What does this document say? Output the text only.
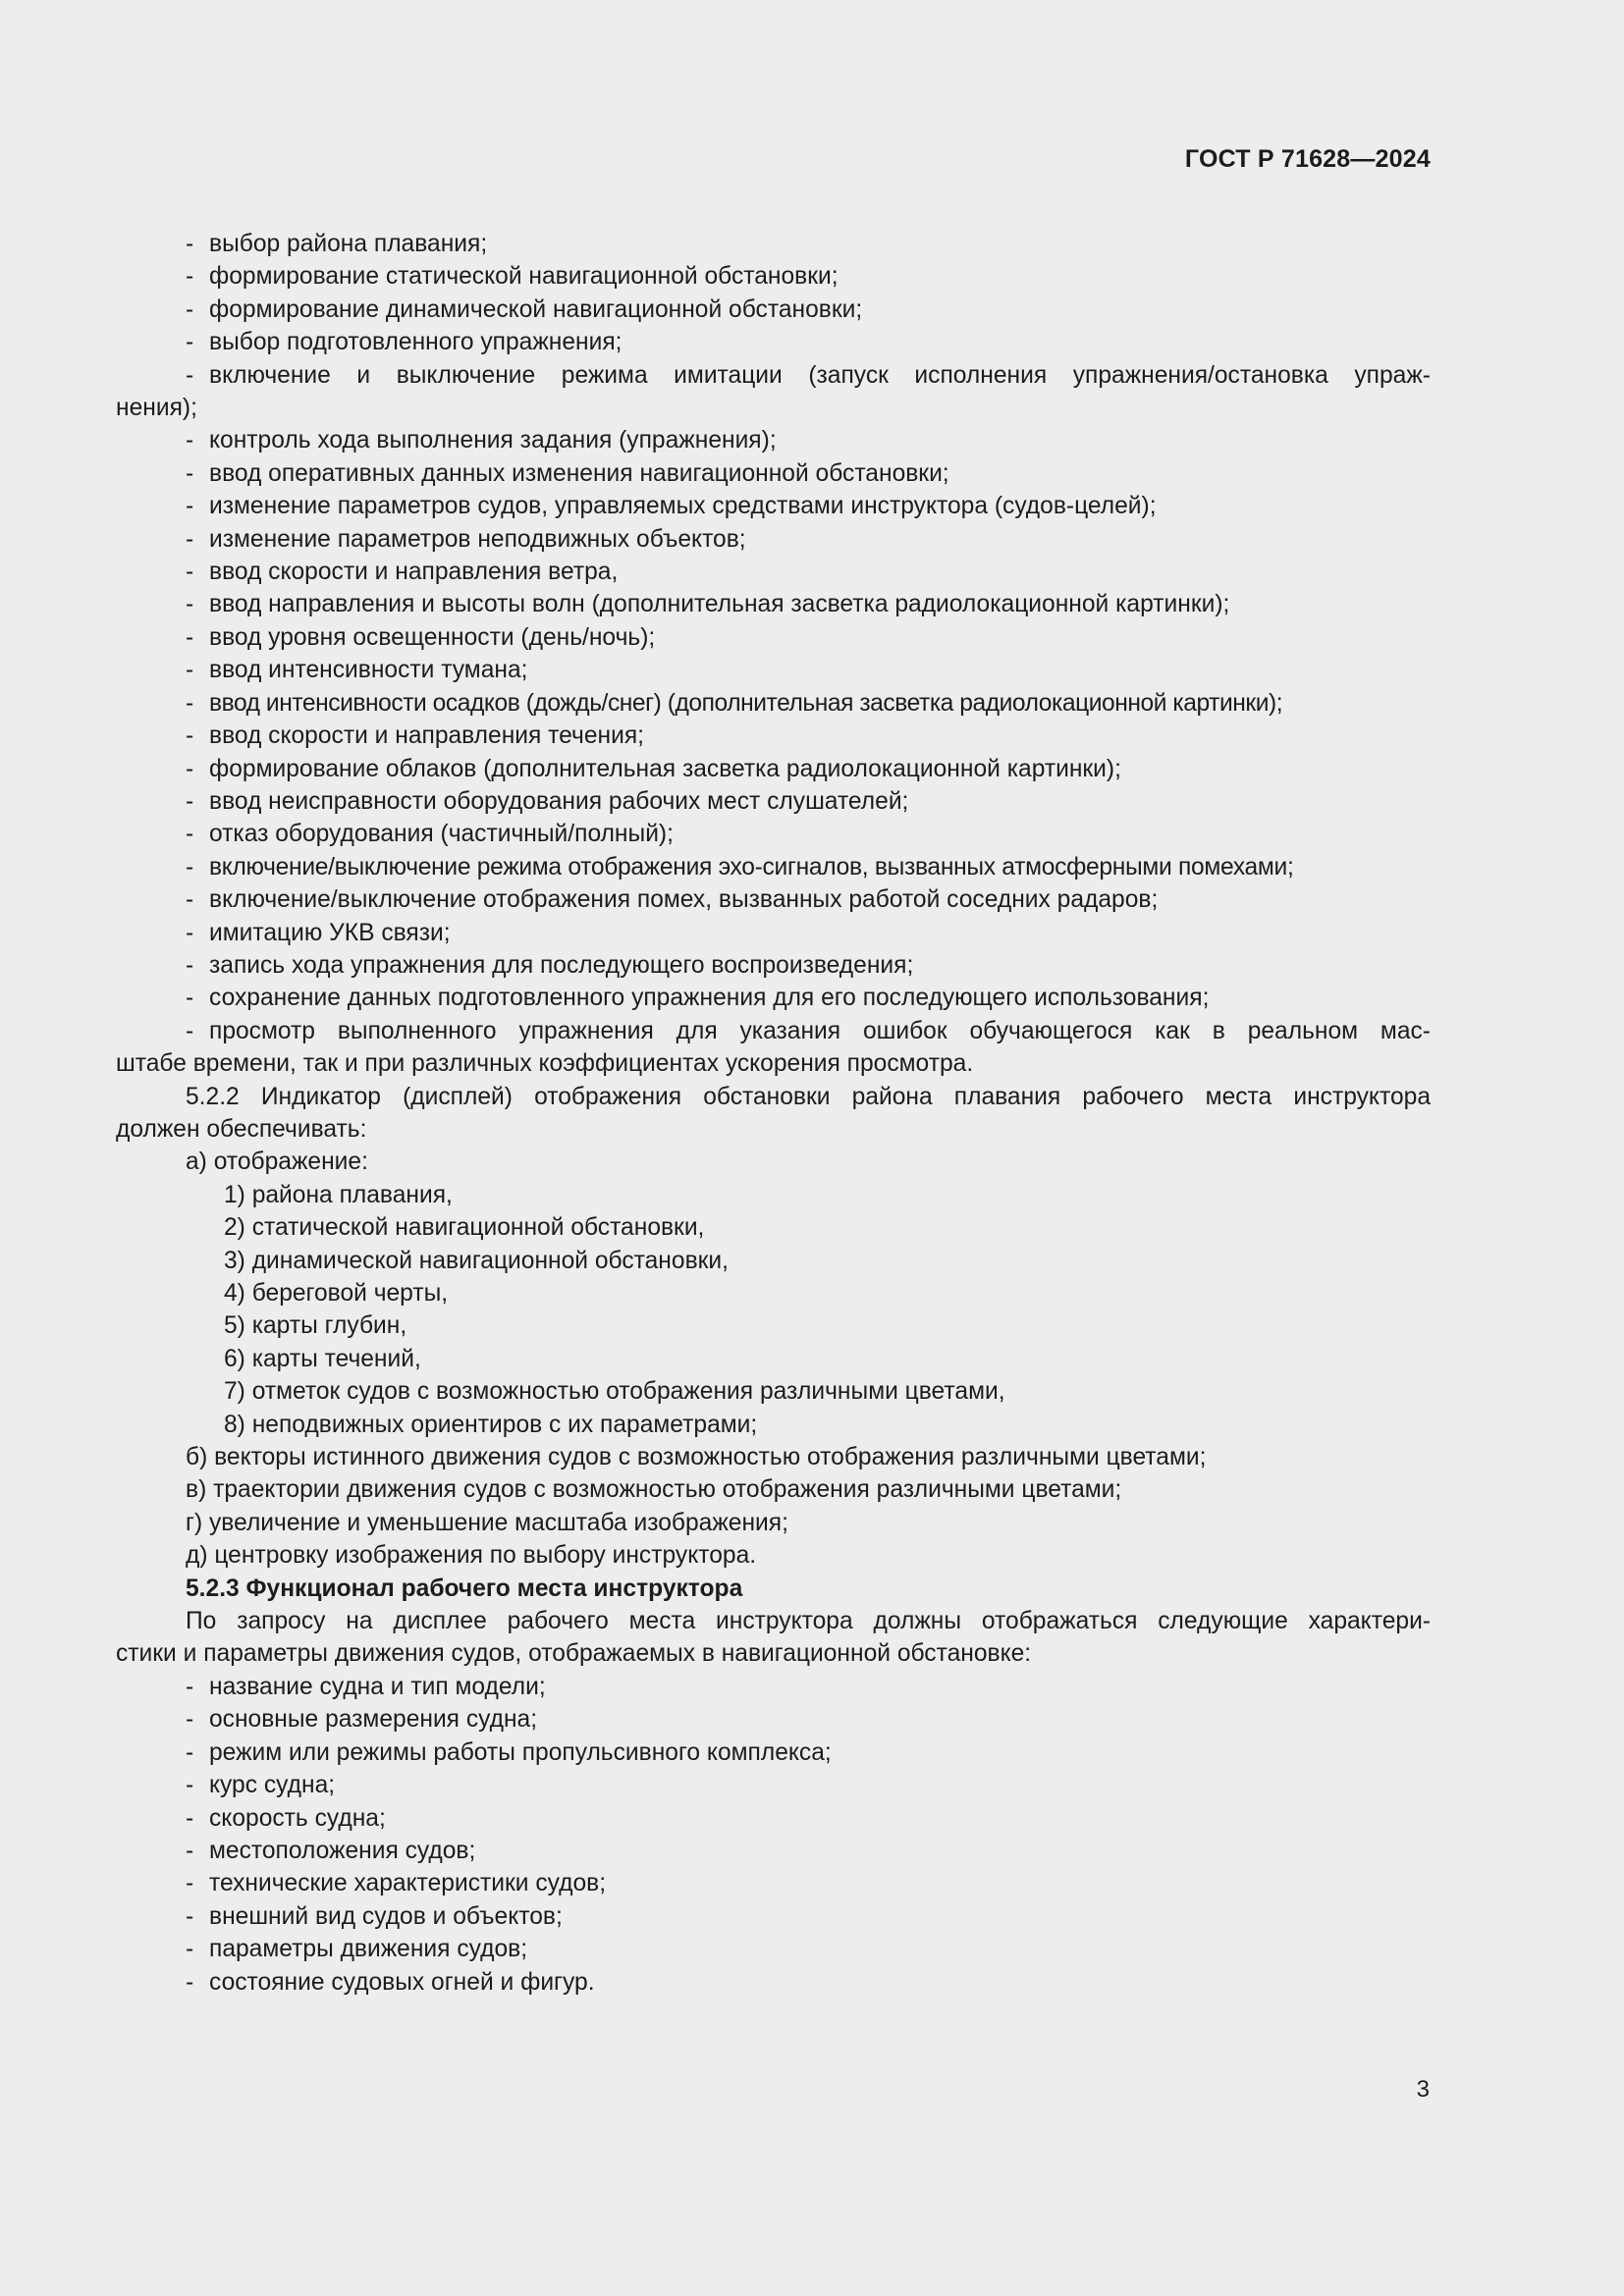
ГОСТ Р 71628—2024
- выбор района плавания;
- формирование статической навигационной обстановки;
- формирование динамической навигационной обстановки;
- выбор подготовленного упражнения;
- включение и выключение режима имитации (запуск исполнения упражнения/остановка упраж-
нения);
- контроль хода выполнения задания (упражнения);
- ввод оперативных данных изменения навигационной обстановки;
- изменение параметров судов, управляемых средствами инструктора (судов-целей);
- изменение параметров неподвижных объектов;
- ввод скорости и направления ветра,
- ввод направления и высоты волн (дополнительная засветка радиолокационной картинки);
- ввод уровня освещенности (день/ночь);
- ввод интенсивности тумана;
- ввод интенсивности осадков (дождь/снег) (дополнительная засветка радиолокационной картинки);
- ввод скорости и направления течения;
- формирование облаков (дополнительная засветка радиолокационной картинки);
- ввод неисправности оборудования рабочих мест слушателей;
- отказ оборудования (частичный/полный);
- включение/выключение режима отображения эхо-сигналов, вызванных атмосферными помехами;
- включение/выключение отображения помех, вызванных работой соседних радаров;
- имитацию УКВ связи;
- запись хода упражнения для последующего воспроизведения;
- сохранение данных подготовленного упражнения для его последующего использования;
- просмотр выполненного упражнения для указания ошибок обучающегося как в реальном мас-
штабе времени, так и при различных коэффициентах ускорения просмотра.
5.2.2 Индикатор (дисплей) отображения обстановки района плавания рабочего места инструктора
должен обеспечивать:
а) отображение:
1) района плавания,
2) статической навигационной обстановки,
3) динамической навигационной обстановки,
4) береговой черты,
5) карты глубин,
6) карты течений,
7) отметок судов с возможностью отображения различными цветами,
8) неподвижных ориентиров с их параметрами;
б) векторы истинного движения судов с возможностью отображения различными цветами;
в) траектории движения судов с возможностью отображения различными цветами;
г) увеличение и уменьшение масштаба изображения;
д) центровку изображения по выбору инструктора.
5.2.3 Функционал рабочего места инструктора
По запросу на дисплее рабочего места инструктора должны отображаться следующие характери-
стики и параметры движения судов, отображаемых в навигационной обстановке:
- название судна и тип модели;
- основные размерения судна;
- режим или режимы работы пропульсивного комплекса;
- курс судна;
- скорость судна;
- местоположения судов;
- технические характеристики судов;
- внешний вид судов и объектов;
- параметры движения судов;
- состояние судовых огней и фигур.
3
